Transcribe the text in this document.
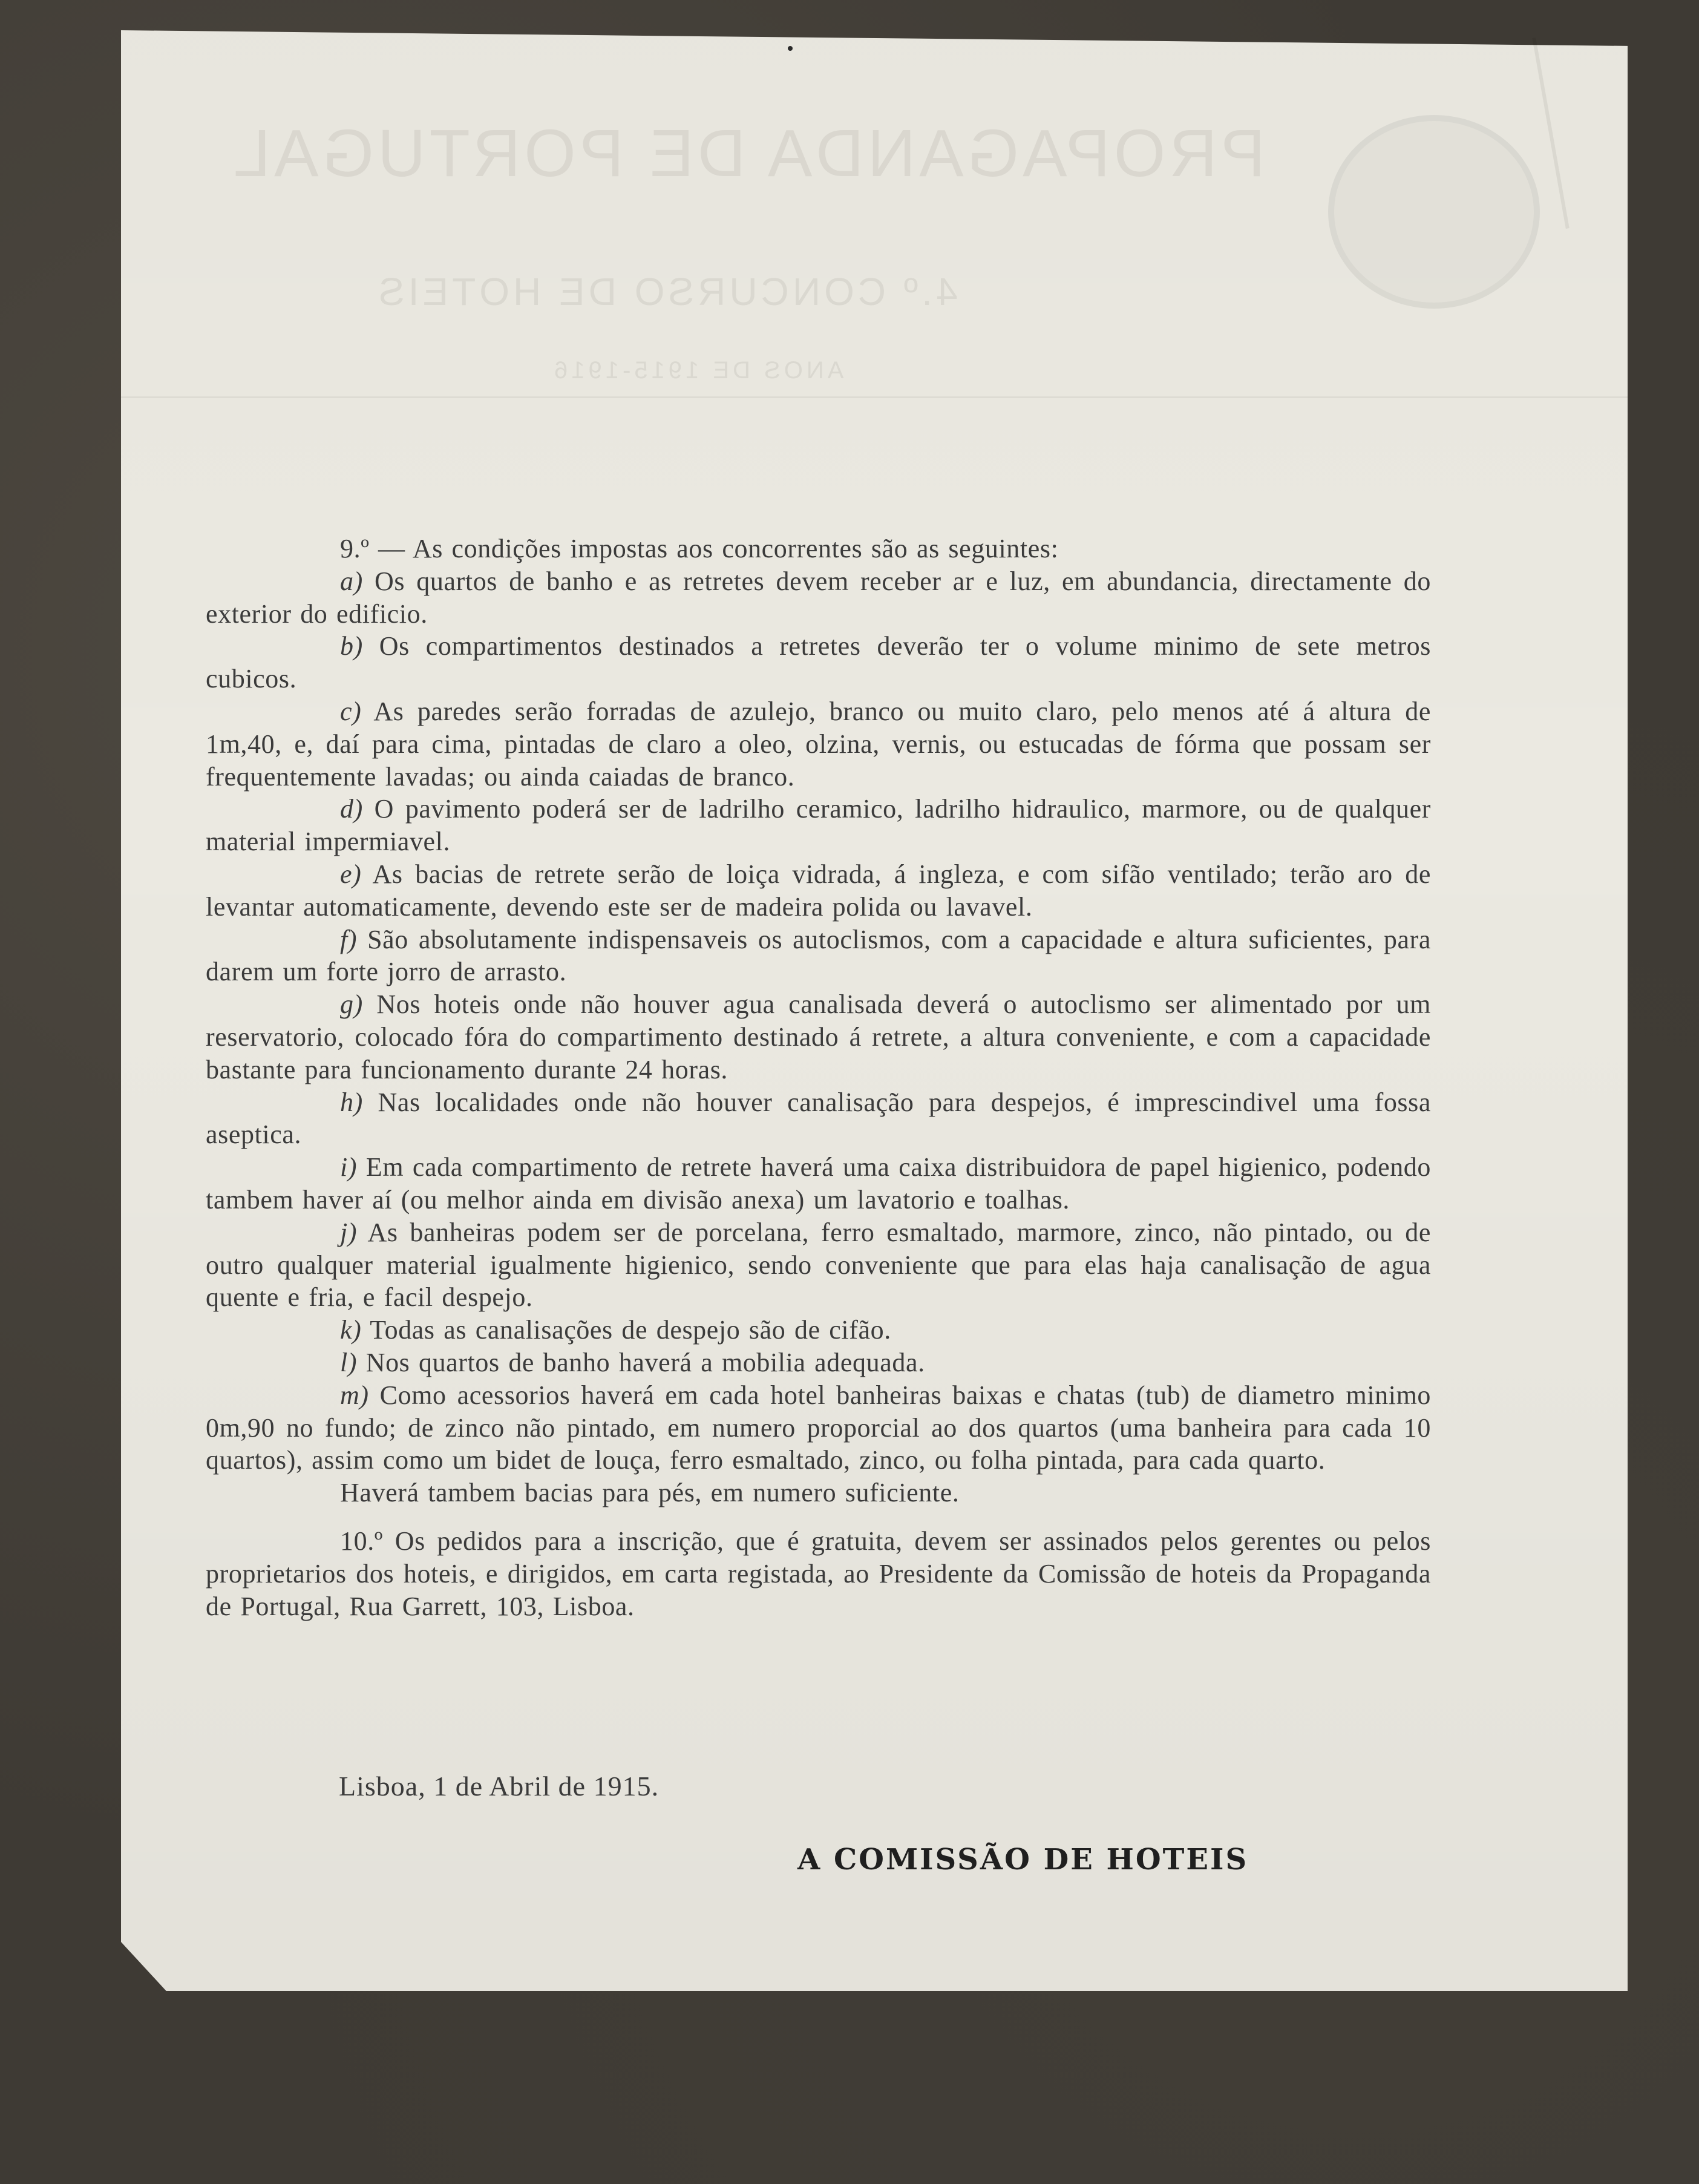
PROPAGANDA DE PORTUGAL
4.º CONCURSO DE HOTEIS
ANOS DE 1915-1916

9.º — As condições impostas aos concorrentes são as seguintes:

a) Os quartos de banho e as retretes devem receber ar e luz, em abundancia, directamente do exterior do edificio.

b) Os compartimentos destinados a retretes deverão ter o volume minimo de sete metros cubicos.

c) As paredes serão forradas de azulejo, branco ou muito claro, pelo menos até á altura de 1m,40, e, daí para cima, pintadas de claro a oleo, olzina, vernis, ou estucadas de fórma que possam ser frequentemente lavadas; ou ainda caiadas de branco.

d) O pavimento poderá ser de ladrilho ceramico, ladrilho hidraulico, marmore, ou de qualquer material impermiavel.

e) As bacias de retrete serão de loiça vidrada, á ingleza, e com sifão ventilado; terão aro de levantar automaticamente, devendo este ser de madeira polida ou lavavel.

f) São absolutamente indispensaveis os autoclismos, com a capacidade e altura suficientes, para darem um forte jorro de arrasto.

g) Nos hoteis onde não houver agua canalisada deverá o autoclismo ser alimentado por um reservatorio, colocado fóra do compartimento destinado á retrete, a altura conveniente, e com a capacidade bastante para funcionamento durante 24 horas.

h) Nas localidades onde não houver canalisação para despejos, é imprescindivel uma fossa aseptica.

i) Em cada compartimento de retrete haverá uma caixa distribuidora de papel higienico, podendo tambem haver aí (ou melhor ainda em divisão anexa) um lavatorio e toalhas.

j) As banheiras podem ser de porcelana, ferro esmaltado, marmore, zinco, não pintado, ou de outro qualquer material igualmente higienico, sendo conveniente que para elas haja canalisação de agua quente e fria, e facil despejo.

k) Todas as canalisações de despejo são de cifão.

l) Nos quartos de banho haverá a mobilia adequada.

m) Como acessorios haverá em cada hotel banheiras baixas e chatas (tub) de diametro minimo 0m,90 no fundo; de zinco não pintado, em numero proporcial ao dos quartos (uma banheira para cada 10 quartos), assim como um bidet de louça, ferro esmaltado, zinco, ou folha pintada, para cada quarto.

Haverá tambem bacias para pés, em numero suficiente.

10.º Os pedidos para a inscrição, que é gratuita, devem ser assinados pelos gerentes ou pelos proprietarios dos hoteis, e dirigidos, em carta registada, ao Presidente da Comissão de hoteis da Propaganda de Portugal, Rua Garrett, 103, Lisboa.

Lisboa, 1 de Abril de 1915.
A COMISSÃO DE HOTEIS
